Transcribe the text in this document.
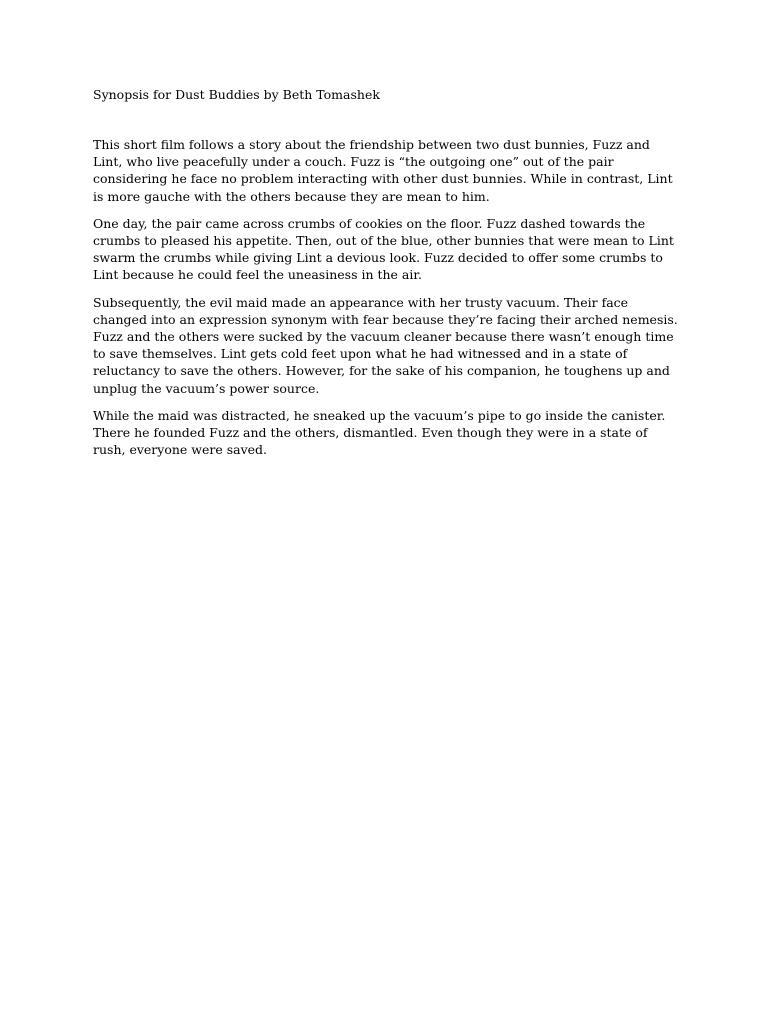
Synopsis for Dust Buddies by Beth Tomashek

This short film follows a story about the friendship between two dust bunnies, Fuzz and Lint, who live peacefully under a couch. Fuzz is “the outgoing one” out of the pair considering he face no problem interacting with other dust bunnies. While in contrast, Lint is more gauche with the others because they are mean to him.

One day, the pair came across crumbs of cookies on the floor. Fuzz dashed towards the crumbs to pleased his appetite. Then, out of the blue, other bunnies that were mean to Lint swarm the crumbs while giving Lint a devious look. Fuzz decided to offer some crumbs to Lint because he could feel the uneasiness in the air.

Subsequently, the evil maid made an appearance with her trusty vacuum. Their face changed into an expression synonym with fear because they’re facing their arched nemesis. Fuzz and the others were sucked by the vacuum cleaner because there wasn’t enough time to save themselves. Lint gets cold feet upon what he had witnessed and in a state of reluctancy to save the others. However, for the sake of his companion, he toughens up and unplug the vacuum’s power source.

While the maid was distracted, he sneaked up the vacuum’s pipe to go inside the canister. There he founded Fuzz and the others, dismantled. Even though they were in a state of rush, everyone were saved.
